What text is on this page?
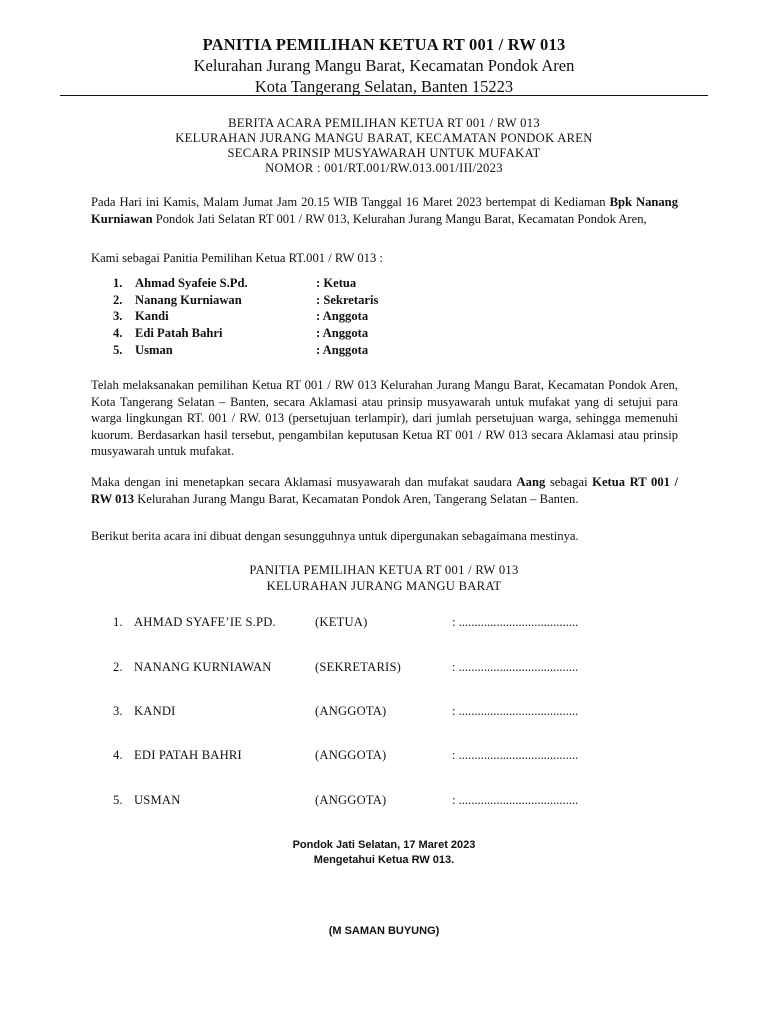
PANITIA PEMILIHAN KETUA RT 001 / RW 013
Kelurahan Jurang Mangu Barat, Kecamatan Pondok Aren
Kota Tangerang Selatan, Banten 15223
BERITA ACARA PEMILIHAN KETUA RT 001 / RW 013
KELURAHAN JURANG MANGU BARAT, KECAMATAN PONDOK AREN
SECARA PRINSIP MUSYAWARAH UNTUK MUFAKAT
NOMOR : 001/RT.001/RW.013.001/III/2023
Pada Hari ini Kamis, Malam Jumat Jam 20.15 WIB Tanggal 16 Maret 2023 bertempat di Kediaman Bpk Nanang Kurniawan Pondok Jati Selatan RT 001 / RW 013, Kelurahan Jurang Mangu Barat, Kecamatan Pondok Aren,
Kami sebagai Panitia Pemilihan Ketua RT.001 / RW 013 :
1. Ahmad Syafeie S.Pd.	: Ketua
2. Nanang Kurniawan	: Sekretaris
3. Kandi	: Anggota
4. Edi Patah Bahri	: Anggota
5. Usman	: Anggota
Telah melaksanakan pemilihan Ketua RT 001 / RW 013 Kelurahan Jurang Mangu Barat, Kecamatan Pondok Aren, Kota Tangerang Selatan – Banten, secara Aklamasi atau prinsip musyawarah untuk mufakat yang di setujui para warga lingkungan RT. 001 / RW. 013 (persetujuan terlampir), dari jumlah persetujuan warga, sehingga memenuhi kuorum. Berdasarkan hasil tersebut, pengambilan keputusan Ketua RT 001 / RW 013 secara Aklamasi atau prinsip musyawarah untuk mufakat.
Maka dengan ini menetapkan secara Aklamasi musyawarah dan mufakat saudara Aang sebagai Ketua RT 001 / RW 013 Kelurahan Jurang Mangu Barat, Kecamatan Pondok Aren, Tangerang Selatan – Banten.
Berikut berita acara ini dibuat dengan sesungguhnya untuk dipergunakan sebagaimana mestinya.
PANITIA PEMILIHAN KETUA RT 001 / RW 013
KELURAHAN JURANG MANGU BARAT
1. AHMAD SYAFE’IE S.PD.	(KETUA)	: ......................................
2. NANANG KURNIAWAN	(SEKRETARIS)	: ......................................
3. KANDI	(ANGGOTA)	: ......................................
4. EDI PATAH BAHRI	(ANGGOTA)	: ......................................
5. USMAN	(ANGGOTA)	: ......................................
Pondok Jati Selatan, 17 Maret 2023
Mengetahui Ketua RW 013.
(M SAMAN BUYUNG)
